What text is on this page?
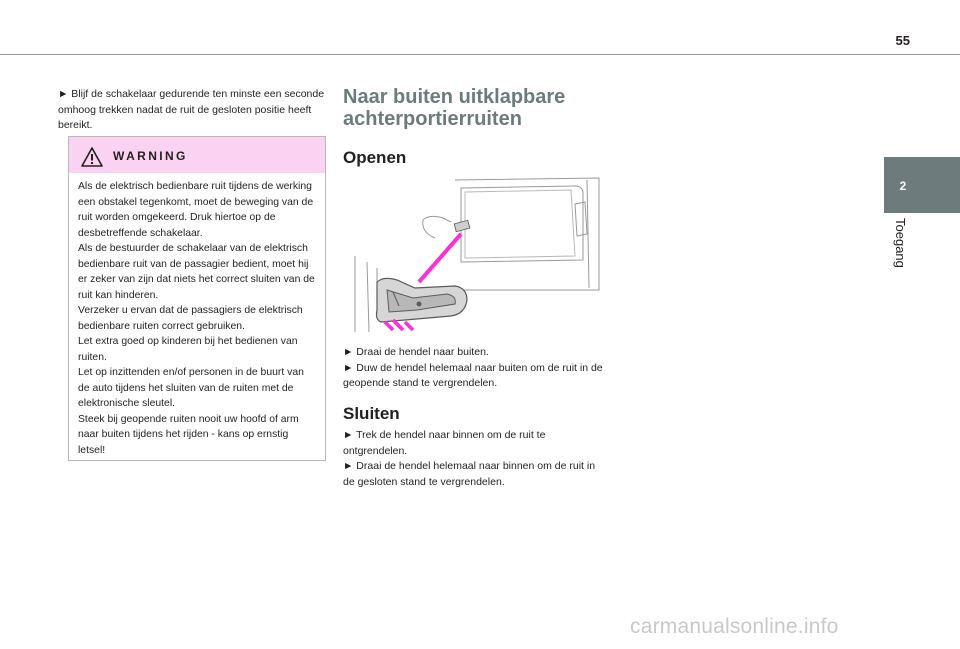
55
2
Toegang

► Blijf de schakelaar gedurende ten minste een seconde omhoog trekken nadat de ruit de gesloten positie heeft bereikt.

WARNING

Als de elektrisch bedienbare ruit tijdens de werking een obstakel tegenkomt, moet de beweging van de ruit worden omgekeerd. Druk hiertoe op de desbetreffende schakelaar.

Als de bestuurder de schakelaar van de elektrisch bedienbare ruit van de passagier bedient, moet hij er zeker van zijn dat niets het correct sluiten van de ruit kan hinderen.

Verzeker u ervan dat de passagiers de elektrisch bedienbare ruiten correct gebruiken.

Let extra goed op kinderen bij het bedienen van ruiten.

Let op inzittenden en/of personen in de buurt van de auto tijdens het sluiten van de ruiten met de elektronische sleutel.

Steek bij geopende ruiten nooit uw hoofd of arm naar buiten tijdens het rijden - kans op ernstig letsel!

Naar buiten uitklapbare achterportierruiten
Openen

► Draai de hendel naar buiten.

► Duw de hendel helemaal naar buiten om de ruit in de geopende stand te vergrendelen.

Sluiten

► Trek de hendel naar binnen om de ruit te ontgrendelen.

► Draai de hendel helemaal naar binnen om de ruit in de gesloten stand te vergrendelen.

carmanualsonline.info
